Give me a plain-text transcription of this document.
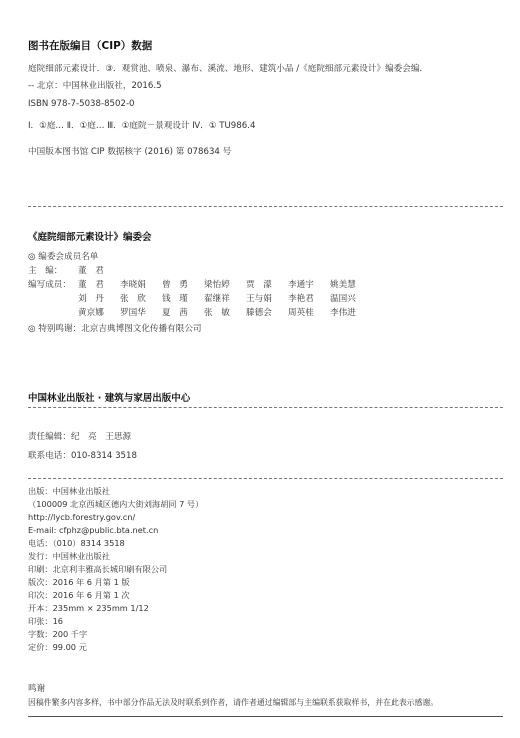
图书在版编目（CIP）数据
庭院细部元素设计．③．观赏池、喷泉、瀑布、溪流、地形、建筑小品 /《庭院细部元素设计》编委会编．
-- 北京：中国林业出版社，2016.5
ISBN 978-7-5038-8502-0
Ⅰ．①庭… Ⅱ．①庭… Ⅲ．①庭院－景观设计 Ⅳ．① TU986.4
中国版本图书馆 CIP 数据核字 (2016) 第 078634 号
《庭院细部元素设计》编委会
◎ 编委会成员名单
主　编：	董　君
编写成员： 董　君	李晓娟	曾　勇	梁怡婷	贾　濛	李通宇	姚美慧
刘　丹	张　欣	钱　瑾	翟继祥	王与娟	李艳君	温国兴
黄京娜	罗国华	夏　茜	张　敏	滕德会	周英桂	李伟进
◎ 特别鸣谢：北京吉典博图文化传播有限公司
中国林业出版社 · 建筑与家居出版中心
责任编辑：纪　亮　王思源
联系电话：010-8314 3518
出版：中国林业出版社
（100009 北京西城区德内大街刘海胡同 7 号）
http://lycb.forestry.gov.cn/
E-mail: cfphz@public.bta.net.cn
电话：（010）8314 3518
发行：中国林业出版社
印刷：北京利丰雅高长城印刷有限公司
版次：2016 年 6 月第 1 版
印次：2016 年 6 月第 1 次
开本：235mm × 235mm 1/12
印张：16
字数：200 千字
定价：99.00 元
鸣谢
因稿件繁多内容多样，书中部分作品无法及时联系到作者，请作者通过编辑部与主编联系获取样书，并在此表示感谢。
